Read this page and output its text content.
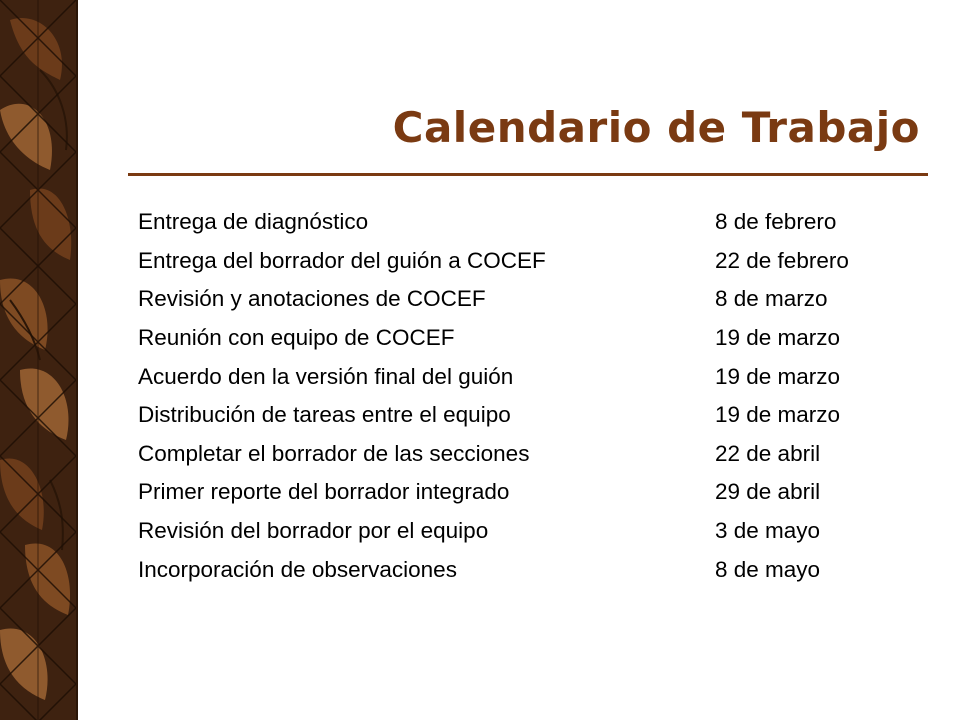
Calendario de Trabajo
Entrega de diagnóstico	8 de febrero
Entrega del borrador del guión a COCEF	22 de febrero
Revisión y anotaciones de COCEF	8 de marzo
Reunión con equipo de COCEF	19 de marzo
Acuerdo den la versión final del guión	19 de marzo
Distribución de tareas entre el equipo	19 de marzo
Completar el borrador de las secciones	22 de abril
Primer reporte del borrador integrado	29 de abril
Revisión del borrador por el equipo	3 de mayo
Incorporación de observaciones	8 de mayo
